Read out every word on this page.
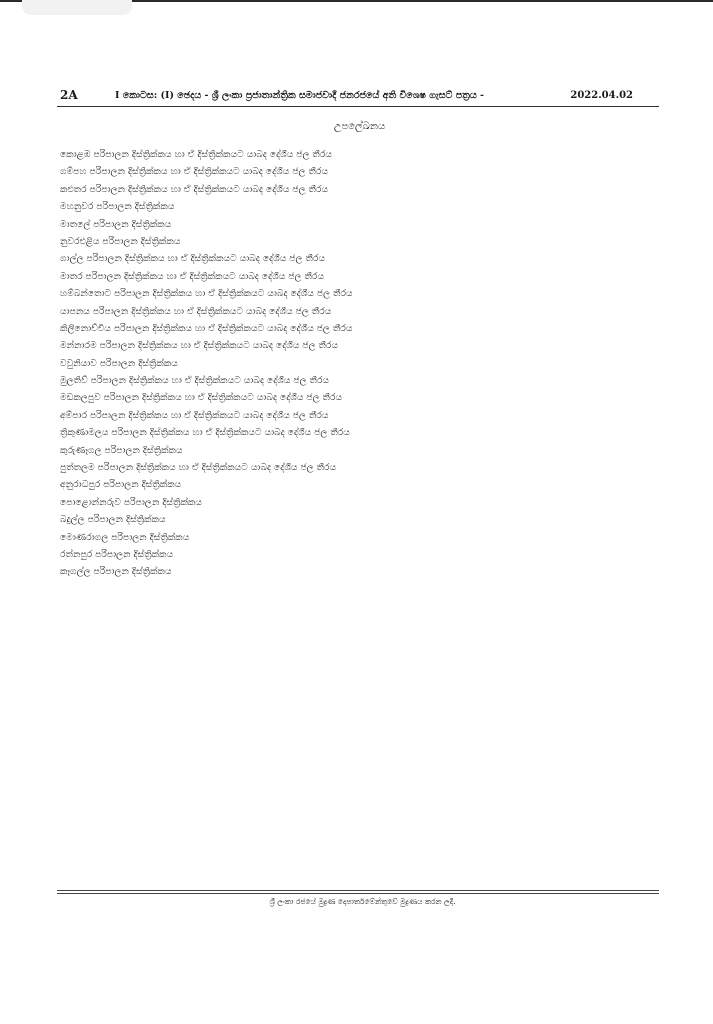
2A	I කොටස: (I) ඡෙදය - ශ්‍රී ලංකා ප්‍රජාතාන්ත්‍රික සමාජවාදී ජනරජයේ අති විශෙෂ ගැසට් පත්‍රය -	2022.04.02
උපලේඛනය
කොළඹ පරිපාලන දිස්ත්‍රික්කය හා ඒ දිස්ත්‍රික්කයට යාබද දේශීය ජල තීරය
ගම්පහ පරිපාලන දිස්ත්‍රික්කය හා ඒ දිස්ත්‍රික්කයට යාබද දේශීය ජල තීරය
කළුතර පරිපාලන දිස්ත්‍රික්කය හා ඒ දිස්ත්‍රික්කයට යාබද දේශීය ජල තීරය
මහනුවර පරිපාලන දිස්ත්‍රික්කය
මාතලේ පරිපාලන දිස්ත්‍රික්කය
නුවරඑළිය පරිපාලන දිස්ත්‍රික්කය
ගාල්ල පරිපාලන දිස්ත්‍රික්කය හා ඒ දිස්ත්‍රික්කයට යාබද දේශීය ජල තීරය
මාතර පරිපාලන දිස්ත්‍රික්කය හා ඒ දිස්ත්‍රික්කයට යාබද දේශීය ජල තීරය
හම්බන්තොට පරිපාලන දිස්ත්‍රික්කය හා ඒ දිස්ත්‍රික්කයට යාබද දේශීය ජල තීරය
යාපනය පරිපාලන දිස්ත්‍රික්කය හා ඒ දිස්ත්‍රික්කයට යාබද දේශීය ජල තීරය
කිලිනොච්චිය පරිපාලන දිස්ත්‍රික්කය හා ඒ දිස්ත්‍රික්කයට යාබද දේශීය ජල තීරය
මන්නාරම පරිපාලන දිස්ත්‍රික්කය හා ඒ දිස්ත්‍රික්කයට යාබද දේශීය ජල තීරය
වවුනියාව පරිපාලන දිස්ත්‍රික්කය
මුලතිව් පරිපාලන දිස්ත්‍රික්කය හා ඒ දිස්ත්‍රික්කයට යාබද දේශීය ජල තීරය
මඩකලපුව පරිපාලන දිස්ත්‍රික්කය හා ඒ දිස්ත්‍රික්කයට යාබද දේශීය ජල තීරය
අම්පාර පරිපාලන දිස්ත්‍රික්කය හා ඒ දිස්ත්‍රික්කයට යාබද දේශීය ජල තීරය
ත්‍රිකුණාමලය පරිපාලන දිස්ත්‍රික්කය හා ඒ දිස්ත්‍රික්කයට යාබද දේශීය ජල තීරය
කුරුණෑගල පරිපාලන දිස්ත්‍රික්කය
පුත්තලම පරිපාලන දිස්ත්‍රික්කය හා ඒ දිස්ත්‍රික්කයට යාබද දේශීය ජල තීරය
අනුරාධපුර පරිපාලන දිස්ත්‍රික්කය
පොළොන්නරුව පරිපාලන දිස්ත්‍රික්කය
බදුල්ල පරිපාලන දිස්ත්‍රික්කය
මොණරාගල පරිපාලන දිස්ත්‍රික්කය
රත්නපුර පරිපාලන දිස්ත්‍රික්කය
කෑගල්ල පරිපාලන දිස්ත්‍රික්කය
ශ්‍රී ලංකා රජයේ මුද්‍රණ දෙපාර්තමේන්තුවේ මුද්‍රණය කරන ලදී.
